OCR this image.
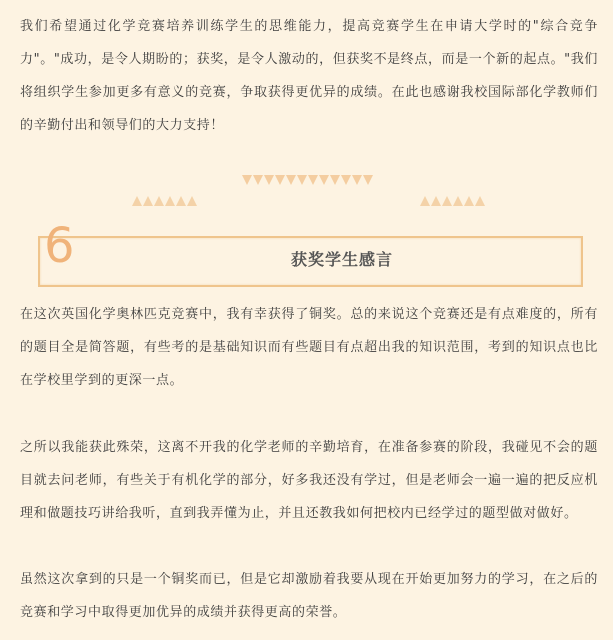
我们希望通过化学竞赛培养训练学生的思维能力，提高竞赛学生在申请大学时的"综合竞争力"。"成功，是令人期盼的；获奖，是令人激动的，但获奖不是终点，而是一个新的起点。"我们将组织学生参加更多有意义的竞赛，争取获得更优异的成绩。在此也感谢我校国际部化学教师们的辛勤付出和领导们的大力支持！

6	获奖学生感言

在这次英国化学奥林匹克竞赛中，我有幸获得了铜奖。总的来说这个竞赛还是有点难度的，所有的题目全是简答题，有些考的是基础知识而有些题目有点超出我的知识范围，考到的知识点也比在学校里学到的更深一点。

之所以我能获此殊荣，这离不开我的化学老师的辛勤培育，在准备参赛的阶段，我碰见不会的题目就去问老师，有些关于有机化学的部分，好多我还没有学过，但是老师会一遍一遍的把反应机理和做题技巧讲给我听，直到我弄懂为止，并且还教我如何把校内已经学过的题型做对做好。

虽然这次拿到的只是一个铜奖而已，但是它却激励着我要从现在开始更加努力的学习，在之后的竞赛和学习中取得更加优异的成绩并获得更高的荣誉。
